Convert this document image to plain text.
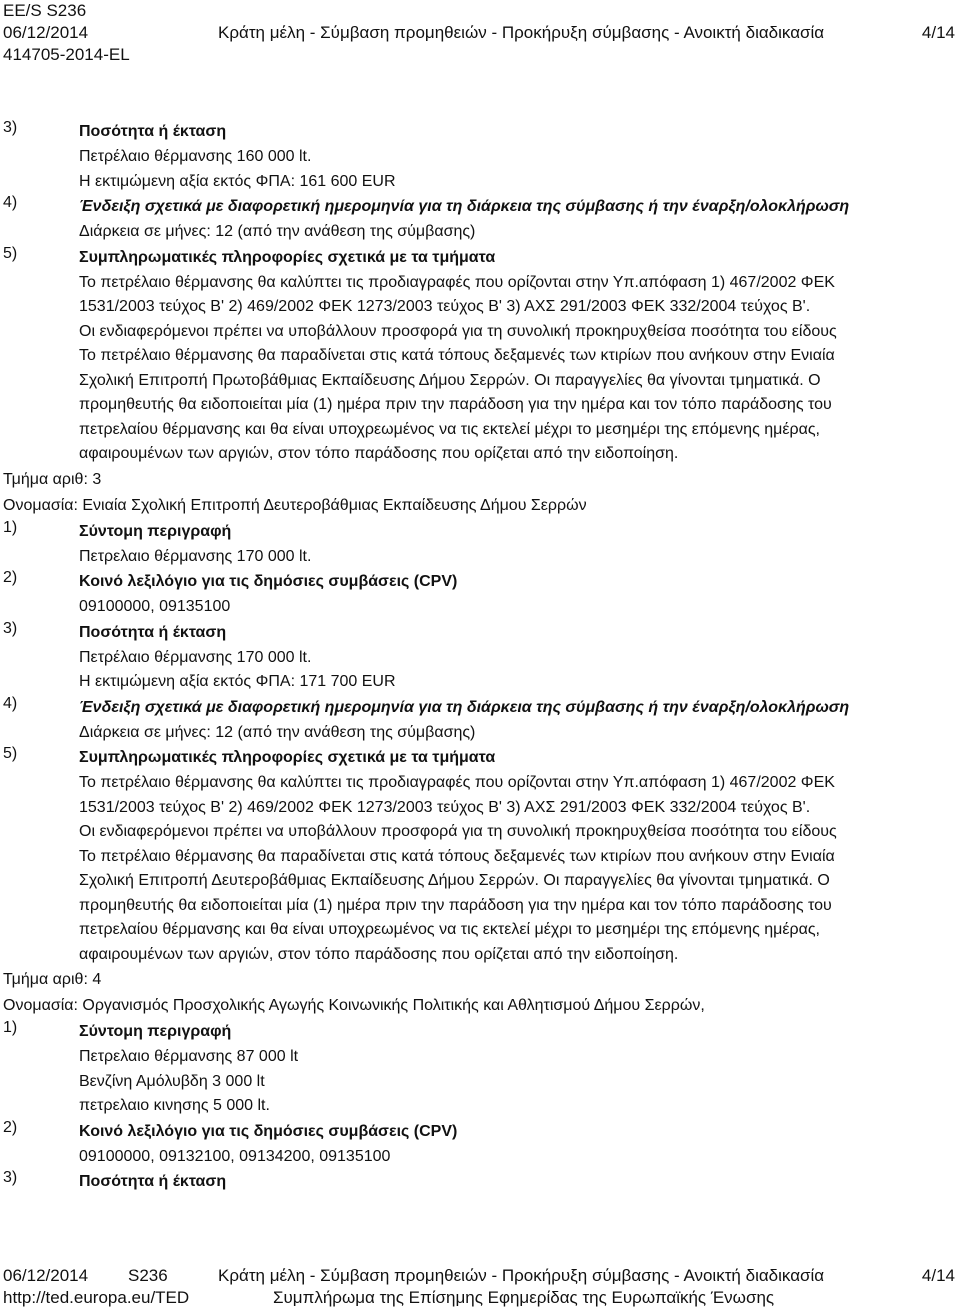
EE/S S236
06/12/2014	Κράτη μέλη - Σύμβαση προμηθειών - Προκήρυξη σύμβασης - Ανοικτή διαδικασία	4/14
414705-2014-EL
3)	Ποσότητα ή έκταση
Πετρέλαιο θέρμανσης 160 000 lt.
Η εκτιμώμενη αξία εκτός ΦΠΑ: 161 600 EUR
4)	Ένδειξη σχετικά με διαφορετική ημερομηνία για τη διάρκεια της σύμβασης ή την έναρξη/ολοκλήρωση
Διάρκεια σε μήνες: 12 (από την ανάθεση της σύμβασης)
5)	Συμπληρωματικές πληροφορίες σχετικά με τα τμήματα
Το πετρέλαιο θέρμανσης θα καλύπτει τις προδιαγραφές που ορίζονται στην Υπ.απόφαση 1) 467/2002 ΦΕΚ
1531/2003 τεύχος Β' 2) 469/2002 ΦΕΚ 1273/2003 τεύχος Β' 3) ΑΧΣ 291/2003 ΦΕΚ 332/2004 τεύχος Β'.
Οι ενδιαφερόμενοι πρέπει να υποβάλλουν προσφορά για τη συνολική προκηρυχθείσα ποσότητα του είδους
Το πετρέλαιο θέρμανσης θα παραδίνεται στις κατά τόπους δεξαμενές των κτιρίων που ανήκουν στην Ενιαία
Σχολική Επιτροπή Πρωτοβάθμιας Εκπαίδευσης Δήμου Σερρών. Οι παραγγελίες θα γίνονται τμηματικά. Ο
προμηθευτής θα ειδοποιείται μία (1) ημέρα πριν την παράδοση για την ημέρα και τον τόπο παράδοσης του
πετρελαίου θέρμανσης και θα είναι υποχρεωμένος να τις εκτελεί μέχρι το μεσημέρι της επόμενης ημέρας,
αφαιρουμένων των αργιών, στον τόπο παράδοσης που ορίζεται από την ειδοποίηση.
Τμήμα αριθ: 3
Ονομασία: Ενιαία Σχολική Επιτροπή Δευτεροβάθμιας Εκπαίδευσης Δήμου Σερρών
1)	Σύντομη περιγραφή
Πετρελαιο θέρμανσης 170 000 lt.
2)	Κοινό λεξιλόγιο για τις δημόσιες συμβάσεις (CPV)
09100000, 09135100
3)	Ποσότητα ή έκταση
Πετρέλαιο θέρμανσης 170 000 lt.
Η εκτιμώμενη αξία εκτός ΦΠΑ: 171 700 EUR
4)	Ένδειξη σχετικά με διαφορετική ημερομηνία για τη διάρκεια της σύμβασης ή την έναρξη/ολοκλήρωση
Διάρκεια σε μήνες: 12 (από την ανάθεση της σύμβασης)
5)	Συμπληρωματικές πληροφορίες σχετικά με τα τμήματα
Το πετρέλαιο θέρμανσης θα καλύπτει τις προδιαγραφές που ορίζονται στην Υπ.απόφαση 1) 467/2002 ΦΕΚ
1531/2003 τεύχος Β' 2) 469/2002 ΦΕΚ 1273/2003 τεύχος Β' 3) ΑΧΣ 291/2003 ΦΕΚ 332/2004 τεύχος Β'.
Οι ενδιαφερόμενοι πρέπει να υποβάλλουν προσφορά για τη συνολική προκηρυχθείσα ποσότητα του είδους
Το πετρέλαιο θέρμανσης θα παραδίνεται στις κατά τόπους δεξαμενές των κτιρίων που ανήκουν στην Ενιαία
Σχολική Επιτροπή Δευτεροβάθμιας Εκπαίδευσης Δήμου Σερρών. Οι παραγγελίες θα γίνονται τμηματικά. Ο
προμηθευτής θα ειδοποιείται μία (1) ημέρα πριν την παράδοση για την ημέρα και τον τόπο παράδοσης του
πετρελαίου θέρμανσης και θα είναι υποχρεωμένος να τις εκτελεί μέχρι το μεσημέρι της επόμενης ημέρας,
αφαιρουμένων των αργιών, στον τόπο παράδοσης που ορίζεται από την ειδοποίηση.
Τμήμα αριθ: 4
Ονομασία: Οργανισμός Προσχολικής Αγωγής Κοινωνικής Πολιτικής και Αθλητισμού Δήμου Σερρών,
1)	Σύντομη περιγραφή
Πετρελαιο θέρμανσης 87 000 lt
Βενζίνη Αμόλυβδη 3 000 lt
πετρελαιο κινησης 5 000 lt.
2)	Κοινό λεξιλόγιο για τις δημόσιες συμβάσεις (CPV)
09100000, 09132100, 09134200, 09135100
3)	Ποσότητα ή έκταση
06/12/2014 S236	Κράτη μέλη - Σύμβαση προμηθειών - Προκήρυξη σύμβασης - Ανοικτή διαδικασία	4/14
http://ted.europa.eu/TED	Συμπλήρωμα της Επίσημης Εφημερίδας της Ευρωπαϊκής Ένωσης
